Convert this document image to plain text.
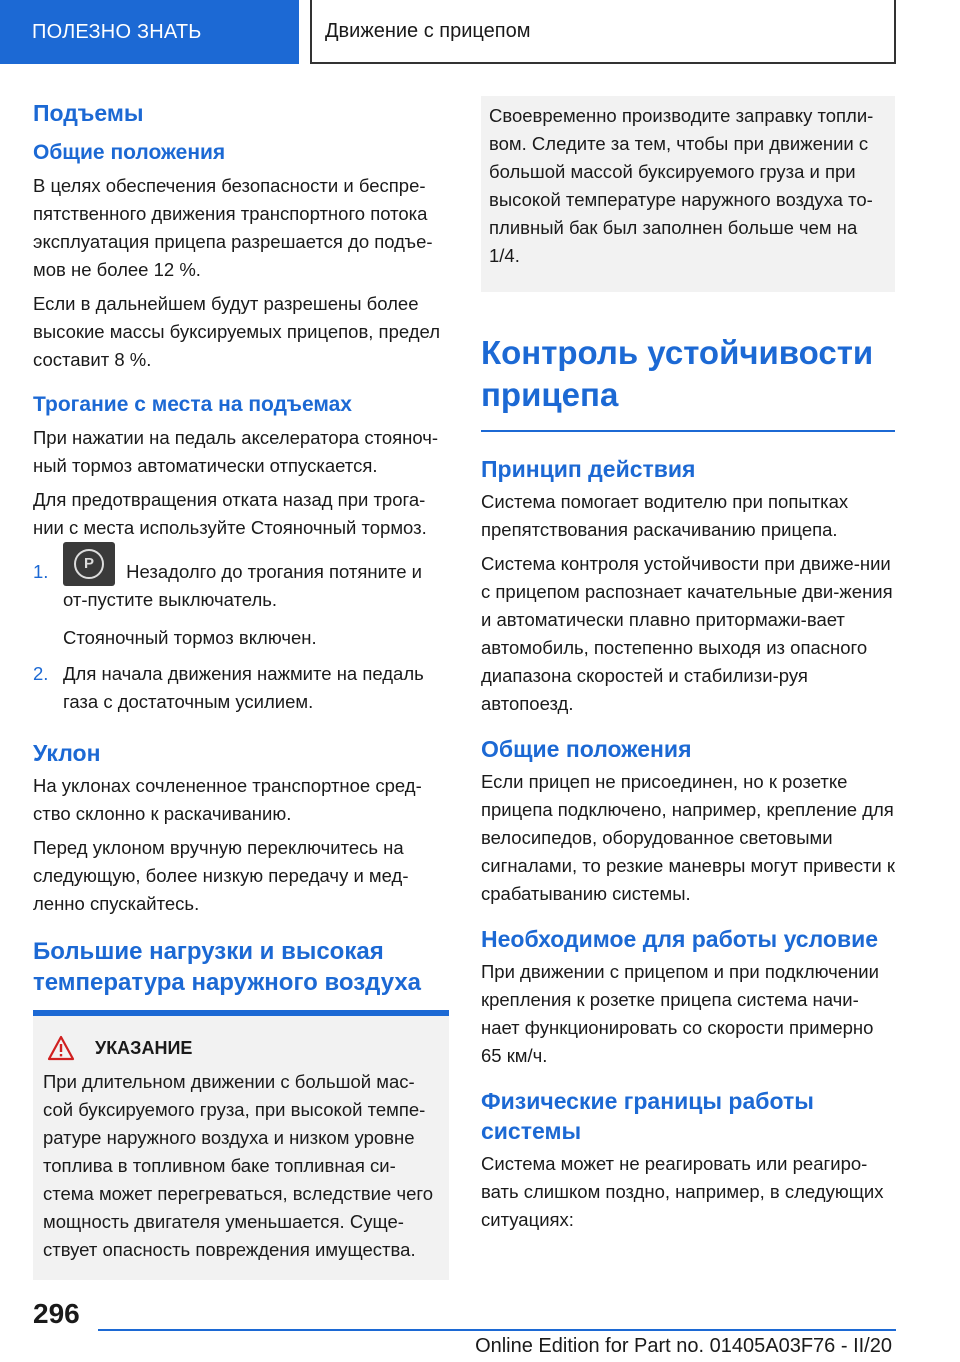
ПОЛЕЗНО ЗНАТЬ	Движение с прицепом
Подъемы
Общие положения

В целях обеспечения безопасности и беспре-пятственного движения транспортного потока эксплуатация прицепа разрешается до подъе-мов не более 12 %.

Если в дальнейшем будут разрешены более высокие массы буксируемых прицепов, предел составит 8 %.

Трогание с места на подъемах

При нажатии на педаль акселератора стояноч-ный тормоз автоматически отпускается.

Для предотвращения отката назад при трога-нии с места используйте Стояночный тормоз.

1.	P	Незадолго до трогания потяните и от-пустите выключатель.
Стояночный тормоз включен.
2. Для начала движения нажмите на педаль газа с достаточным усилием.
Уклон

На уклонах сочлененное транспортное сред-ство склонно к раскачиванию.

Перед уклоном вручную переключитесь на следующую, более низкую передачу и мед-ленно спускайтесь.

Большие нагрузки и высокая температура наружного воздуха
УКАЗАНИЕ

При длительном движении с большой мас-сой буксируемого груза, при высокой темпе-ратуре наружного воздуха и низком уровне топлива в топливном баке топливная си-стема может перегреваться, вследствие чего мощность двигателя уменьшается. Суще-ствует опасность повреждения имущества.

Своевременно производите заправку топли-вом. Следите за тем, чтобы при движении с большой массой буксируемого груза и при высокой температуре наружного воздуха то-пливный бак был заполнен больше чем на 1/4.

Контроль устойчивости прицепа
Принцип действия

Система помогает водителю при попытках препятствования раскачиванию прицепа.

Система контроля устойчивости при движе-нии с прицепом распознает качательные дви-жения и автоматически плавно притормажи-вает автомобиль, постепенно выходя из опасного диапазона скоростей и стабилизи-руя автопоезд.

Общие положения

Если прицеп не присоединен, но к розетке прицепа подключено, например, крепление для велосипедов, оборудованное световыми сигналами, то резкие маневры могут привести к срабатыванию системы.

Необходимое для работы условие

При движении с прицепом и при подключении крепления к розетке прицепа система начи-нает функционировать со скорости примерно 65 км/ч.

Физические границы работы системы

Система может не реагировать или реагиро-вать слишком поздно, например, в следующих ситуациях:

296
Online Edition for Part no. 01405A03F76 - II/20
